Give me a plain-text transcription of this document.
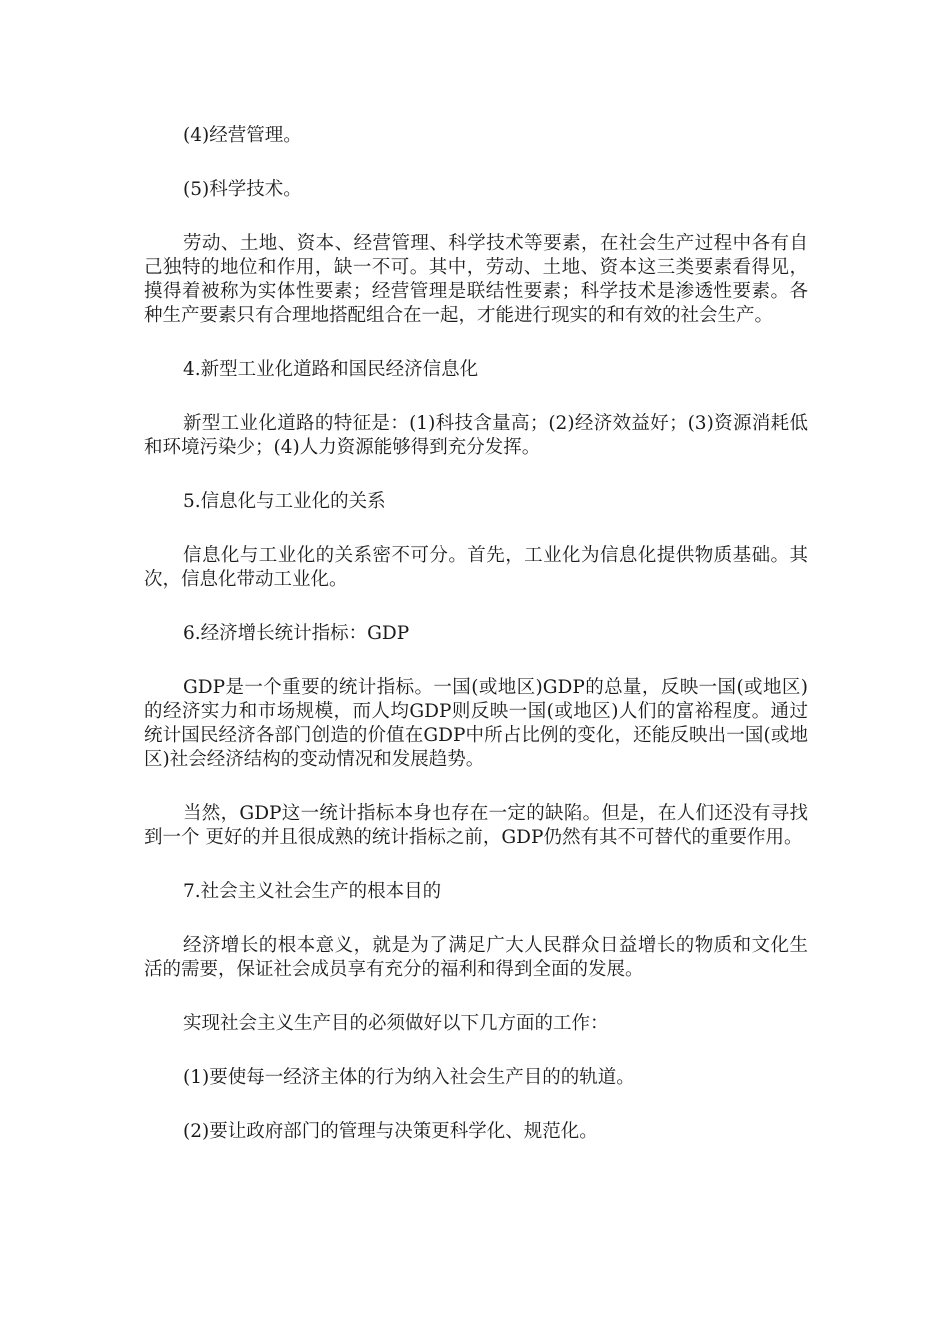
(4)经营管理。

(5)科学技术。

劳动、土地、资本、经营管理、科学技术等要素，在社会生产过程中各有自己独特的地位和作用，缺一不可。其中，劳动、土地、资本这三类要素看得见，摸得着被称为实体性要素；经营管理是联结性要素；科学技术是渗透性要素。各种生产要素只有合理地搭配组合在一起，才能进行现实的和有效的社会生产。

4.新型工业化道路和国民经济信息化

新型工业化道路的特征是：(1)科技含量高；(2)经济效益好；(3)资源消耗低和环境污染少；(4)人力资源能够得到充分发挥。

5.信息化与工业化的关系

信息化与工业化的关系密不可分。首先，工业化为信息化提供物质基础。其次，信息化带动工业化。

6.经济增长统计指标：GDP

GDP是一个重要的统计指标。一国(或地区)GDP的总量，反映一国(或地区)的经济实力和市场规模，而人均GDP则反映一国(或地区)人们的富裕程度。通过统计国民经济各部门创造的价值在GDP中所占比例的变化，还能反映出一国(或地区)社会经济结构的变动情况和发展趋势。

当然，GDP这一统计指标本身也存在一定的缺陷。但是，在人们还没有寻找到一个 更好的并且很成熟的统计指标之前，GDP仍然有其不可替代的重要作用。

7.社会主义社会生产的根本目的

经济增长的根本意义，就是为了满足广大人民群众日益增长的物质和文化生活的需要，保证社会成员享有充分的福利和得到全面的发展。

实现社会主义生产目的必须做好以下几方面的工作：

(1)要使每一经济主体的行为纳入社会生产目的的轨道。

(2)要让政府部门的管理与决策更科学化、规范化。
